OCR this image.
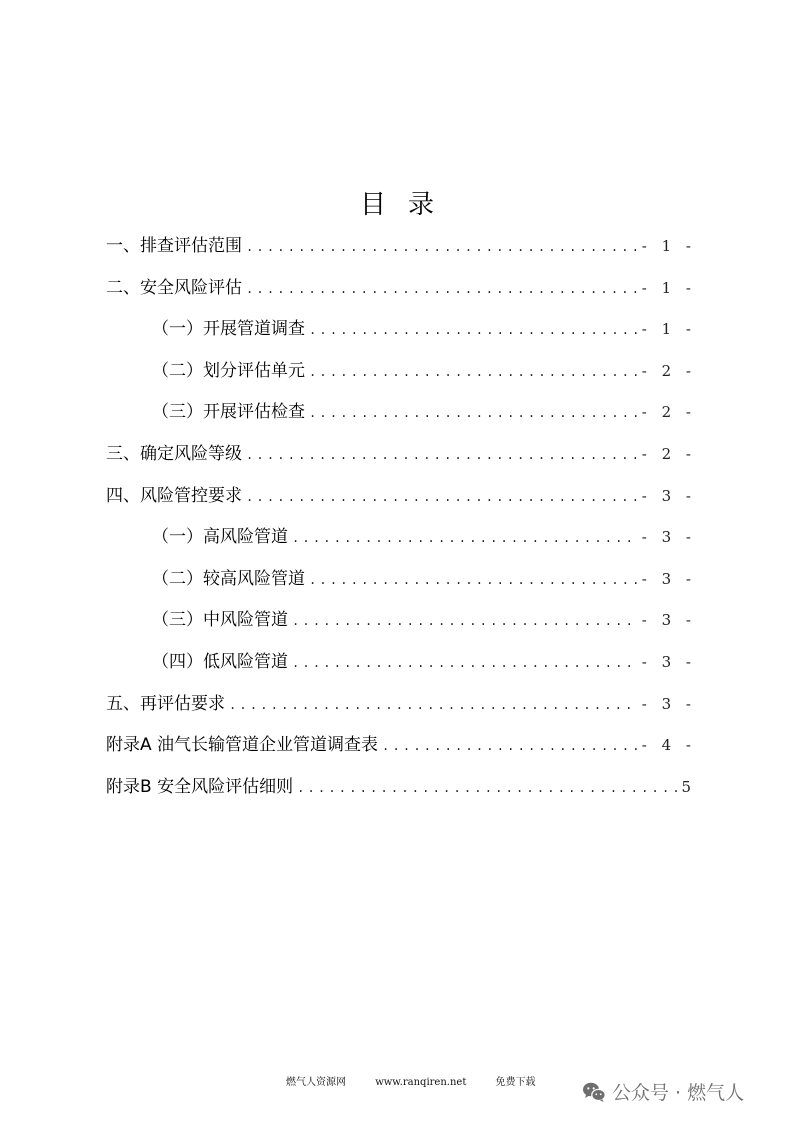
目录
一、排查评估范围 .....	- 1 -
二、安全风险评估 .....	- 1 -
（一）开展管道调查 .....	- 1 -
（二）划分评估单元 .....	- 2 -
（三）开展评估检查 .....	- 2 -
三、确定风险等级 .....	- 2 -
四、风险管控要求 .....	- 3 -
（一）高风险管道 .....	- 3 -
（二）较高风险管道 .....	- 3 -
（三）中风险管道 .....	- 3 -
（四）低风险管道 .....	- 3 -
五、再评估要求 .....	- 3 -
附录A 油气长输管道企业管道调查表 .....	- 4 -
附录B 安全风险评估细则 .....	5
燃气人资源网	www.ranqiren.net	免费下载	公众号 · 燃气人
